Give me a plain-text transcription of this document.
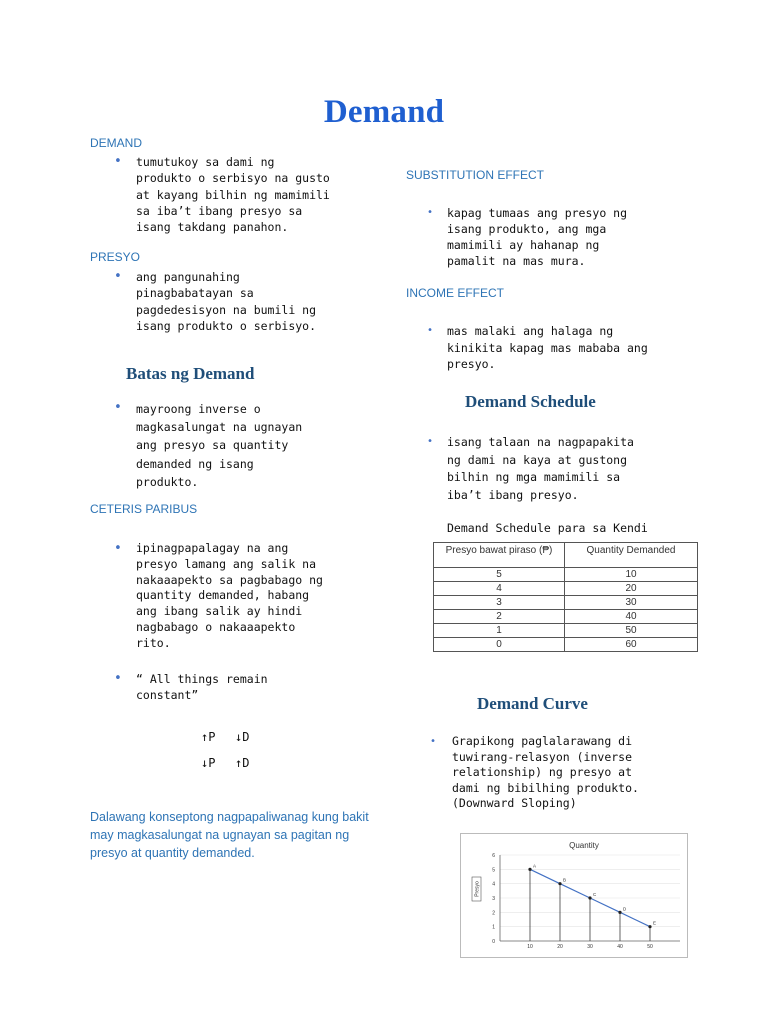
Demand
DEMAND
• tumutukoy sa dami ng
produkto o serbisyo na gusto
at kayang bilhin ng mamimili
sa iba’t ibang presyo sa
isang takdang panahon.
PRESYO
• ang pangunahing
pinagbabatayan sa
pagdedesisyon na bumili ng
isang produkto o serbisyo.
Batas ng Demand
• mayroong inverse o
magkasalungat na ugnayan
ang presyo sa quantity
demanded ng isang
produkto.
CETERIS PARIBUS
• ipinagpapalagay na ang
presyo lamang ang salik na
nakaaapekto sa pagbabago ng
quantity demanded, habang
ang ibang salik ay hindi
nagbabago o nakaaapekto
rito.
• “ All things remain
constant”
↑P ↓D
↓P ↑D
Dalawang konseptong nagpapaliwanag kung bakit may magkasalungat na ugnayan sa pagitan ng presyo at quantity demanded.
SUBSTITUTION EFFECT
• kapag tumaas ang presyo ng
isang produkto, ang mga
mamimili ay hahanap ng
pamalit na mas mura.
INCOME EFFECT
• mas malaki ang halaga ng
kinikita kapag mas mababa ang
presyo.
Demand Schedule
• isang talaan na nagpapakita
ng dami na kaya at gustong
bilhin ng mga mamimili sa
iba’t ibang presyo.
Demand Schedule para sa Kendi
Presyo bawat piraso (₱)	Quantity Demanded
5	10
4	20
3	30
2	40
1	50
0	60
Demand Curve
• Grapikong paglalarawang di
tuwirang-relasyon (inverse
relationship) ng presyo at
dami ng bibilhing produkto.
(Downward Sloping)
Quantity
Presyo
0
1
2
3
4
5
6
10	20	30	40	50
A
B
C
D
E
